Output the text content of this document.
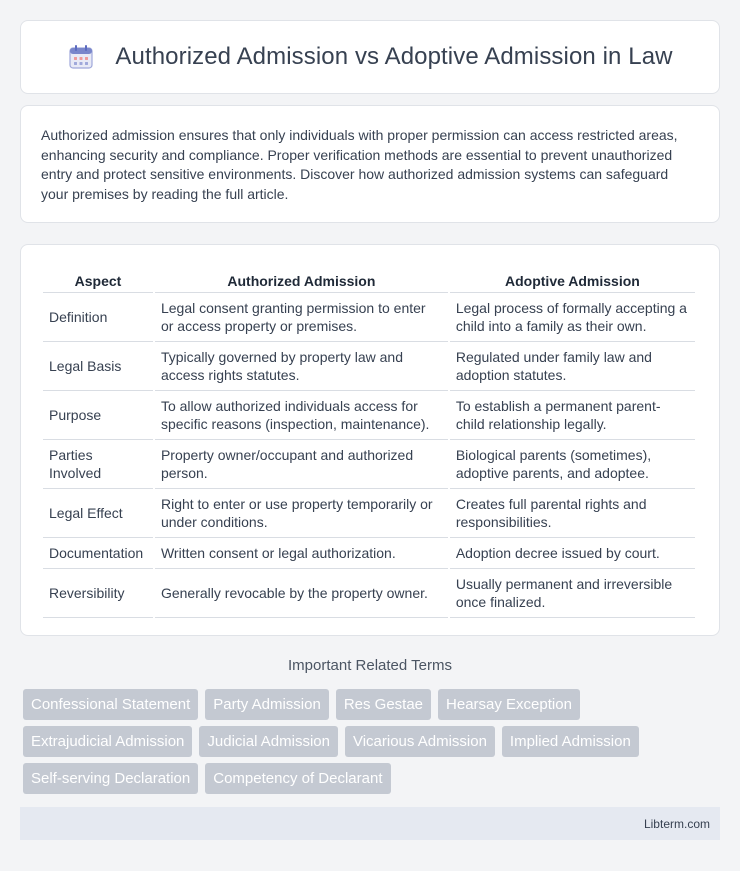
Authorized Admission vs Adoptive Admission in Law

Authorized admission ensures that only individuals with proper permission can access restricted areas, enhancing security and compliance. Proper verification methods are essential to prevent unauthorized entry and protect sensitive environments. Discover how authorized admission systems can safeguard your premises by reading the full article.

Aspect	Authorized Admission	Adoptive Admission
Definition	Legal consent granting permission to enter or access property or premises.	Legal process of formally accepting a child into a family as their own.
Legal Basis	Typically governed by property law and access rights statutes.	Regulated under family law and adoption statutes.
Purpose	To allow authorized individuals access for specific reasons (inspection, maintenance).	To establish a permanent parent-child relationship legally.
Parties Involved	Property owner/occupant and authorized person.	Biological parents (sometimes), adoptive parents, and adoptee.
Legal Effect	Right to enter or use property temporarily or under conditions.	Creates full parental rights and responsibilities.
Documentation	Written consent or legal authorization.	Adoption decree issued by court.
Reversibility	Generally revocable by the property owner.	Usually permanent and irreversible once finalized.
Important Related Terms
Confessional Statement	Party Admission	Res Gestae	Hearsay Exception
Extrajudicial Admission	Judicial Admission	Vicarious Admission	Implied Admission
Self-serving Declaration	Competency of Declarant
Libterm.com
